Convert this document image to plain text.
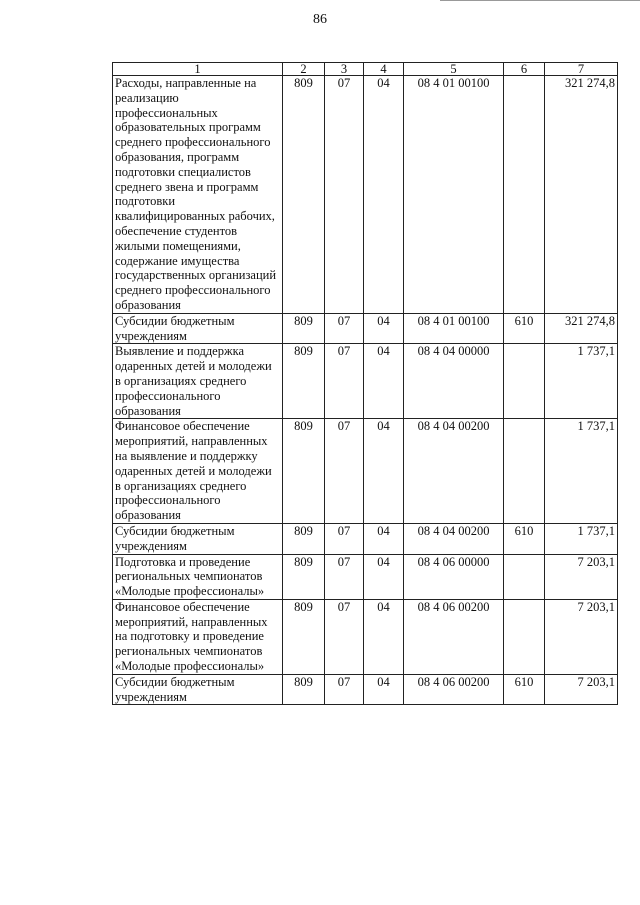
86
1	2	3	4	5	6	7
Расходы, направленные на реализацию профессиональных образовательных программ среднего профессионального образования, программ подготовки специалистов среднего звена и программ подготовки квалифицированных рабочих, обеспечение студентов жилыми помещениями, содержание имущества государственных организаций среднего профессионального образования	809	07	04	08 4 01 00100		321 274,8
Субсидии бюджетным учреждениям	809	07	04	08 4 01 00100	610	321 274,8
Выявление и поддержка одаренных детей и молодежи в организациях среднего профессионального образования	809	07	04	08 4 04 00000		1 737,1
Финансовое обеспечение мероприятий, направленных на выявление и поддержку одаренных детей и молодежи в организациях среднего профессионального образования	809	07	04	08 4 04 00200		1 737,1
Субсидии бюджетным учреждениям	809	07	04	08 4 04 00200	610	1 737,1
Подготовка и проведение региональных чемпионатов «Молодые профессионалы»	809	07	04	08 4 06 00000		7 203,1
Финансовое обеспечение мероприятий, направленных на подготовку и проведение региональных чемпионатов «Молодые профессионалы»	809	07	04	08 4 06 00200		7 203,1
Субсидии бюджетным учреждениям	809	07	04	08 4 06 00200	610	7 203,1
